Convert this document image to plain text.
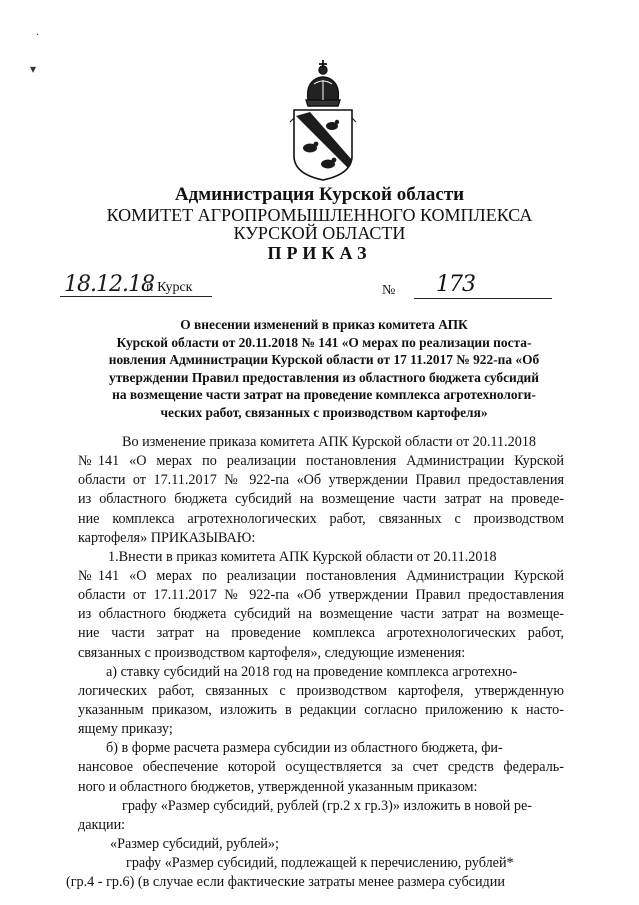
·
▾
Администрация Курской области
КОМИТЕТ АГРОПРОМЫШЛЕННОГО КОМПЛЕКСА
КУРСКОЙ ОБЛАСТИ
ПРИКАЗ
18.12.18
г. Курск	№ 173
О внесении изменений в приказ комитета АПК
Курской области от 20.11.2018 № 141 «О мерах по реализации поста-
новления Администрации Курской области от 17 11.2017 № 922-па «Об
утверждении Правил предоставления из областного бюджета субсидий
на возмещение части затрат на проведение комплекса агротехнологи-
ческих работ, связанных с производством картофеля»
Во изменение приказа комитета АПК Курской области от 20.11.2018
№141 «О мерах по реализации постановления Администрации Курской
области от 17.11.2017 № 922-па «Об утверждении Правил предоставления
из областного бюджета субсидий на возмещение части затрат на проведе-
ние комплекса агротехнологических работ, связанных с производством
картофеля» ПРИКАЗЫВАЮ:
1.Внести в приказ комитета АПК Курской области от 20.11.2018
№141 «О мерах по реализации постановления Администрации Курской
области от 17.11.2017 № 922-па «Об утверждении Правил предоставления
из областного бюджета субсидий на возмещение части затрат на возмеще-
ние части затрат на проведение комплекса агротехнологических работ,
связанных с производством картофеля», следующие изменения:
а) ставку субсидий на 2018 год на проведение комплекса агротехно-
логических работ, связанных с производством картофеля, утвержденную
указанным приказом, изложить в редакции согласно приложению к насто-
ящему приказу;
б) в форме расчета размера субсидии из областного бюджета, фи-
нансовое обеспечение которой осуществляется за счет средств федераль-
ного и областного бюджетов, утвержденной указанным приказом:
графу «Размер субсидий, рублей (гр.2 х гр.3)» изложить в новой ре-
дакции:
«Размер субсидий, рублей»;
графу «Размер субсидий, подлежащей к перечислению, рублей*
(гр.4 - гр.6) (в случае если фактические затраты менее размера субсидии
